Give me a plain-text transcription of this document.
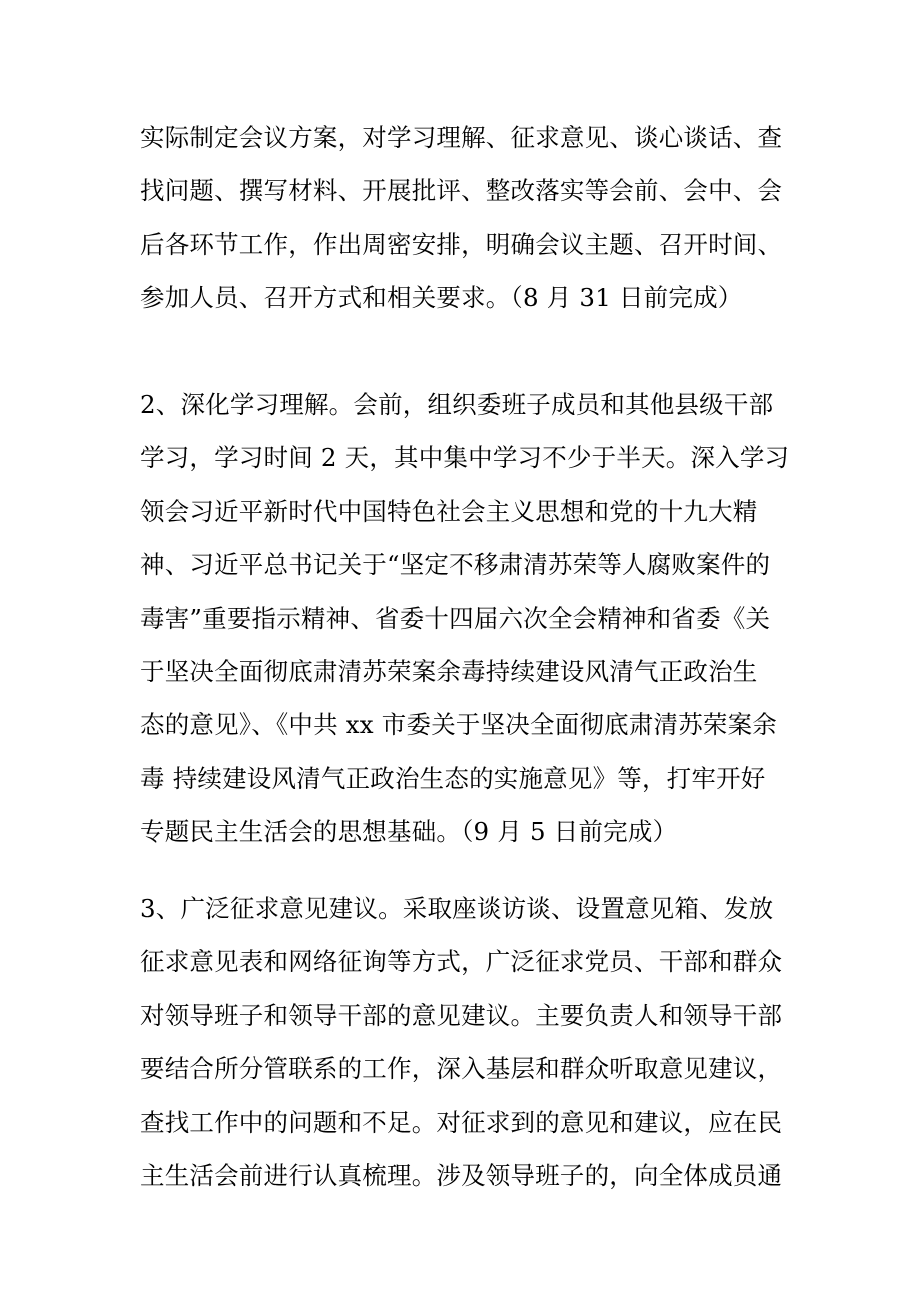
实际制定会议方案，对学习理解、征求意见、谈心谈话、查
找问题、撰写材料、开展批评、整改落实等会前、会中、会
后各环节工作，作出周密安排，明确会议主题、召开时间、
参加人员、召开方式和相关要求。（8 月 31 日前完成）
2、深化学习理解。会前，组织委班子成员和其他县级干部
学习，学习时间 2 天，其中集中学习不少于半天。深入学习
领会习近平新时代中国特色社会主义思想和党的十九大精
神、习近平总书记关于“坚定不移肃清苏荣等人腐败案件的
毒害”重要指示精神、省委十四届六次全会精神和省委《关
于坚决全面彻底肃清苏荣案余毒持续建设风清气正政治生
态的意见》、《中共 xx 市委关于坚决全面彻底肃清苏荣案余
毒 持续建设风清气正政治生态的实施意见》等，打牢开好
专题民主生活会的思想基础。（9 月 5 日前完成）
3、广泛征求意见建议。采取座谈访谈、设置意见箱、发放
征求意见表和网络征询等方式，广泛征求党员、干部和群众
对领导班子和领导干部的意见建议。主要负责人和领导干部
要结合所分管联系的工作，深入基层和群众听取意见建议，
查找工作中的问题和不足。对征求到的意见和建议，应在民
主生活会前进行认真梳理。涉及领导班子的，向全体成员通
